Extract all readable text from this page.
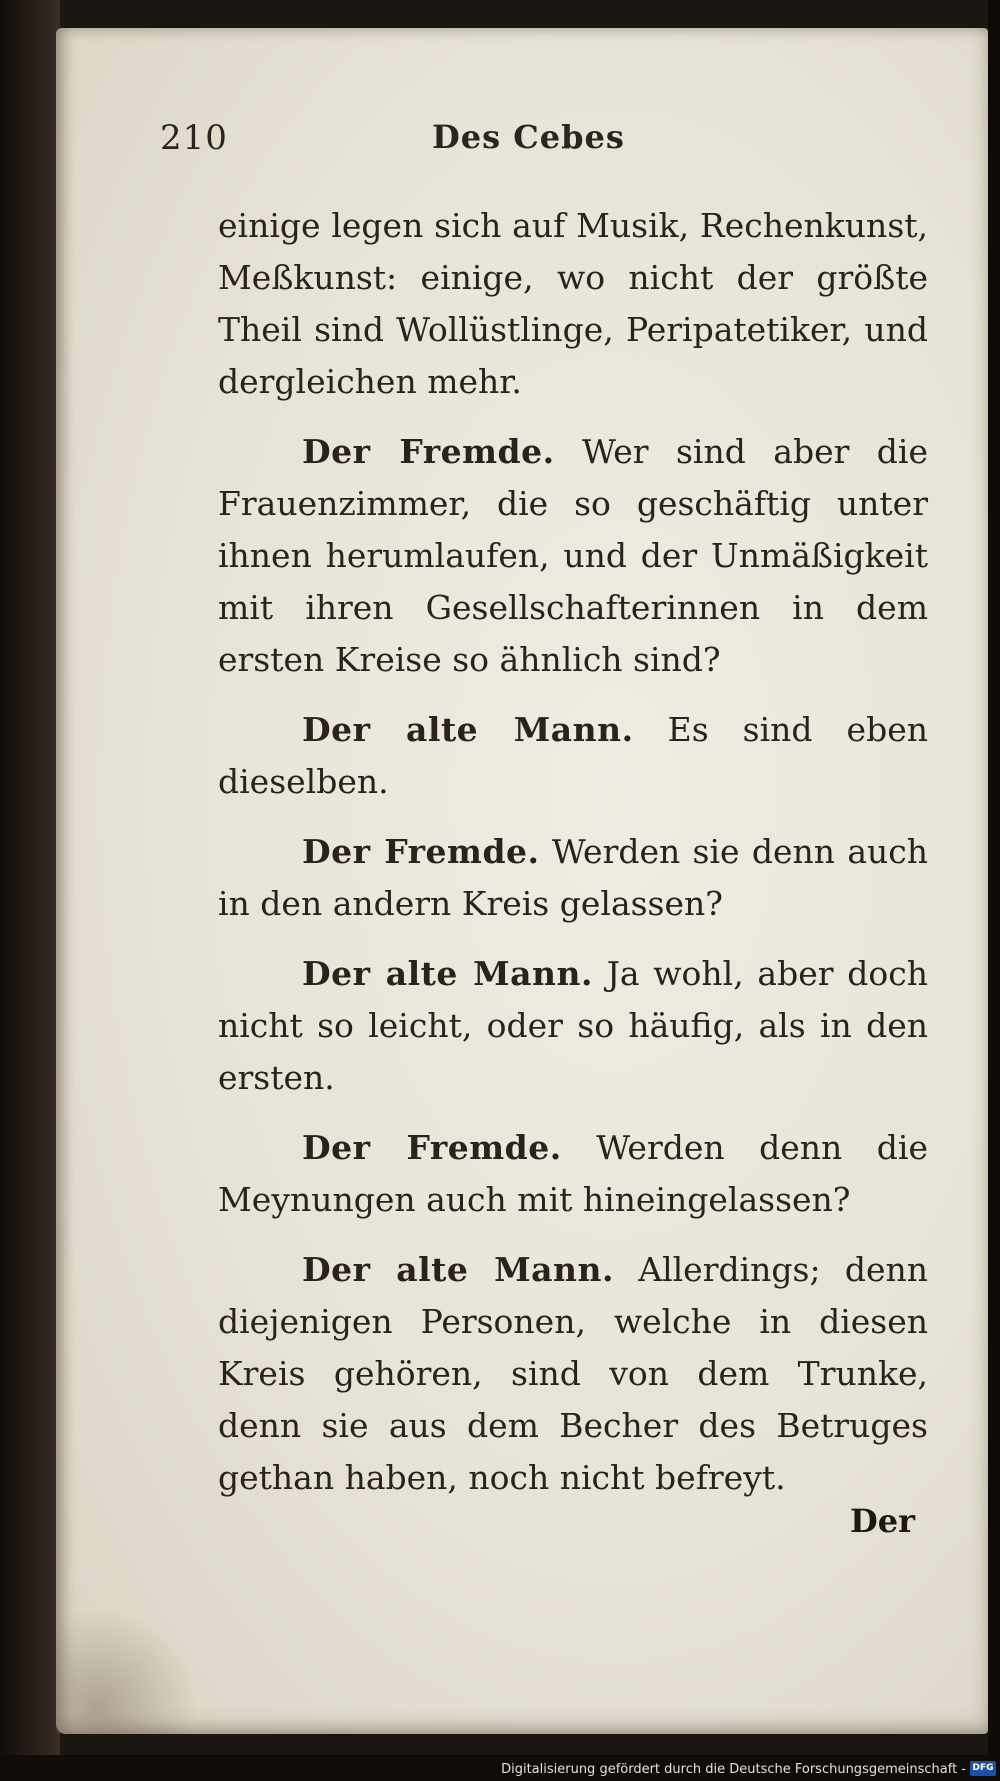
210	Des Cebes

einige legen sich auf Musik, Rechenkunst, Meßkunst: einige, wo nicht der größte Theil sind Wollüstlinge, Peripatetiker, und dergleichen mehr.

Der Fremde. Wer sind aber die Frauenzimmer, die so geschäftig unter ihnen herumlaufen, und der Unmäßigkeit mit ihren Gesellschafterinnen in dem ersten Kreise so ähnlich sind?

Der alte Mann. Es sind eben dieselben.

Der Fremde. Werden sie denn auch in den andern Kreis gelassen?

Der alte Mann. Ja wohl, aber doch nicht so leicht, oder so häufig, als in den ersten.

Der Fremde. Werden denn die Meynungen auch mit hineingelassen?

Der alte Mann. Allerdings; denn diejenigen Personen, welche in diesen Kreis gehören, sind von dem Trunke, denn sie aus dem Becher des Betruges gethan haben, noch nicht befreyt.

Der
Digitalisierung gefördert durch die Deutsche Forschungsgemeinschaft - DFG
